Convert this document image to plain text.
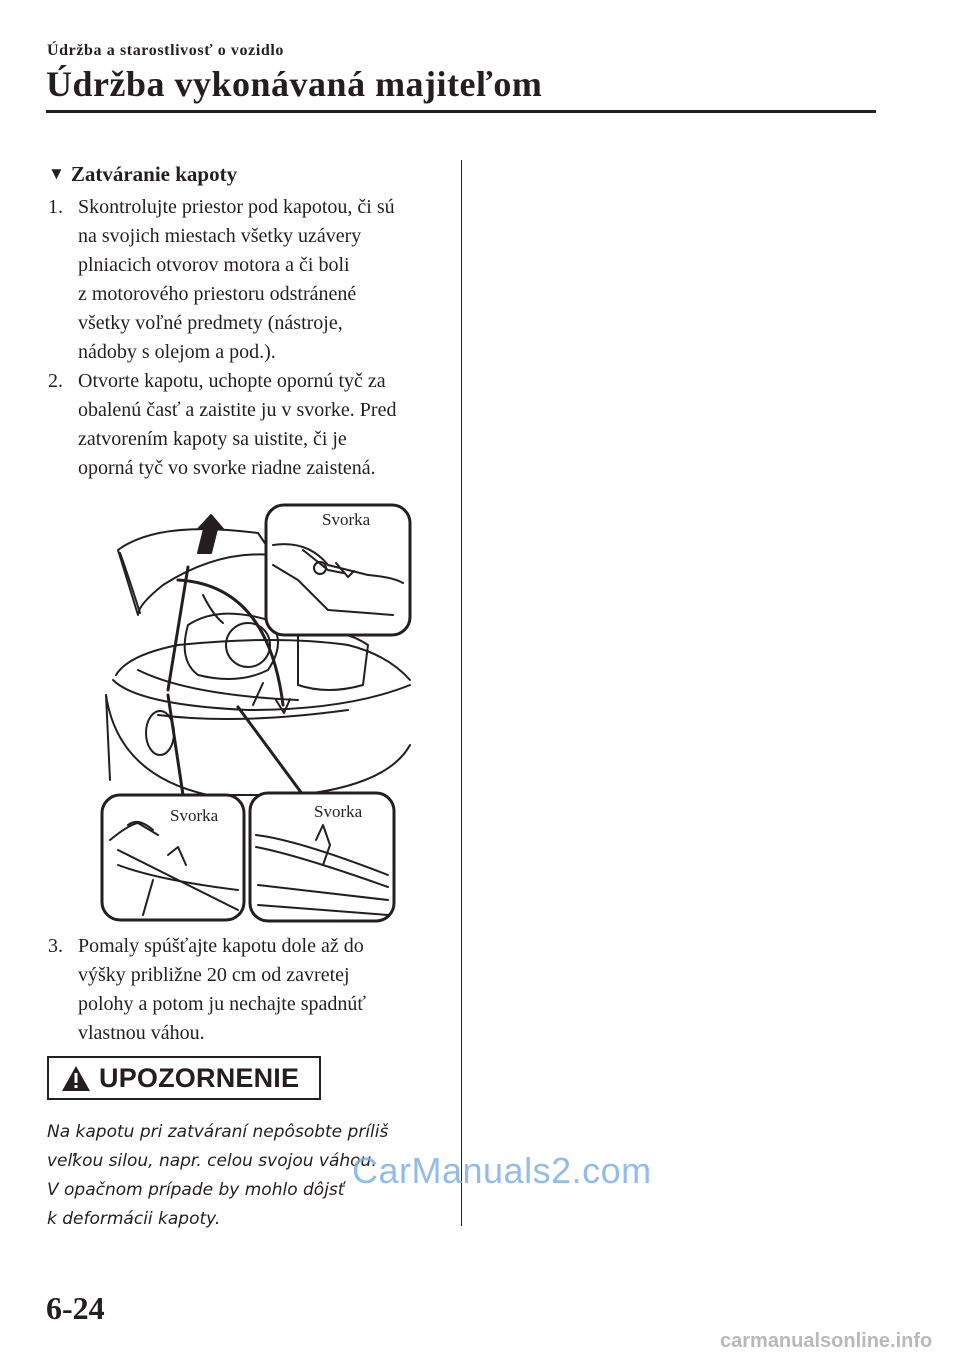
Údržba a starostlivosť o vozidlo
Údržba vykonávaná majiteľom
▼ Zatváranie kapoty
1. Skontrolujte priestor pod kapotou, či sú
na svojich miestach všetky uzávery
plniacich otvorov motora a či boli
z motorového priestoru odstránené
všetky voľné predmety (nástroje,
nádoby s olejom a pod.).
2. Otvorte kapotu, uchopte opornú tyč za
obalenú časť a zaistite ju v svorke. Pred
zatvorením kapoty sa uistite, či je
oporná tyč vo svorke riadne zaistená.
Svorka
Svorka	Svorka
3. Pomaly spúšťajte kapotu dole až do
výšky približne 20 cm od zavretej
polohy a potom ju nechajte spadnúť
vlastnou váhou.
UPOZORNENIE
Na kapotu pri zatváraní nepôsobte príliš
veľkou silou, napr. celou svojou váhou.
V opačnom prípade by mohlo dôjsť
k deformácii kapoty.
CarManuals2.com
6-24
carmanualsonline.info
